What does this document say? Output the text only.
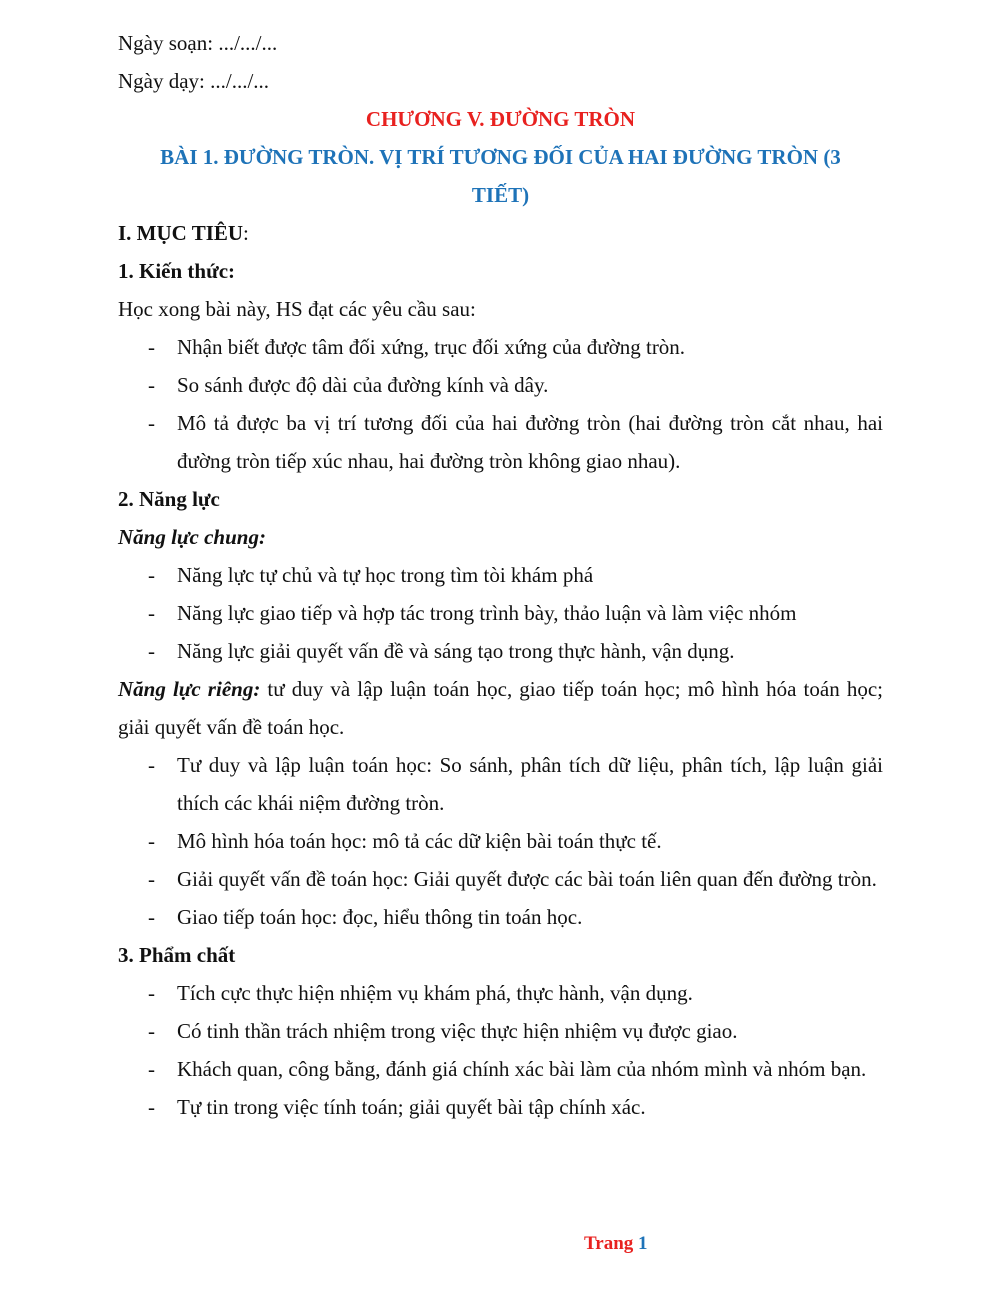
Ngày soạn: .../.../...

Ngày dạy: .../.../...

CHƯƠNG V. ĐƯỜNG TRÒN

BÀI 1. ĐƯỜNG TRÒN. VỊ TRÍ TƯƠNG ĐỐI CỦA HAI ĐƯỜNG TRÒN (3

TIẾT)

I. MỤC TIÊU:

1. Kiến thức:

Học xong bài này, HS đạt các yêu cầu sau:

- Nhận biết được tâm đối xứng, trục đối xứng của đường tròn.

- So sánh được độ dài của đường kính và dây.

- Mô tả được ba vị trí tương đối của hai đường tròn (hai đường tròn cắt nhau, hai đường tròn tiếp xúc nhau, hai đường tròn không giao nhau).

2. Năng lực

Năng lực chung:

- Năng lực tự chủ và tự học trong tìm tòi khám phá

- Năng lực giao tiếp và hợp tác trong trình bày, thảo luận và làm việc nhóm

- Năng lực giải quyết vấn đề và sáng tạo trong thực hành, vận dụng.

Năng lực riêng: tư duy và lập luận toán học, giao tiếp toán học; mô hình hóa toán học; giải quyết vấn đề toán học.

- Tư duy và lập luận toán học: So sánh, phân tích dữ liệu, phân tích, lập luận giải thích các khái niệm đường tròn.

- Mô hình hóa toán học: mô tả các dữ kiện bài toán thực tế.

- Giải quyết vấn đề toán học: Giải quyết được các bài toán liên quan đến đường tròn.

- Giao tiếp toán học: đọc, hiểu thông tin toán học.

3. Phẩm chất

- Tích cực thực hiện nhiệm vụ khám phá, thực hành, vận dụng.

- Có tinh thần trách nhiệm trong việc thực hiện nhiệm vụ được giao.

- Khách quan, công bằng, đánh giá chính xác bài làm của nhóm mình và nhóm bạn.

- Tự tin trong việc tính toán; giải quyết bài tập chính xác.

Trang 1
